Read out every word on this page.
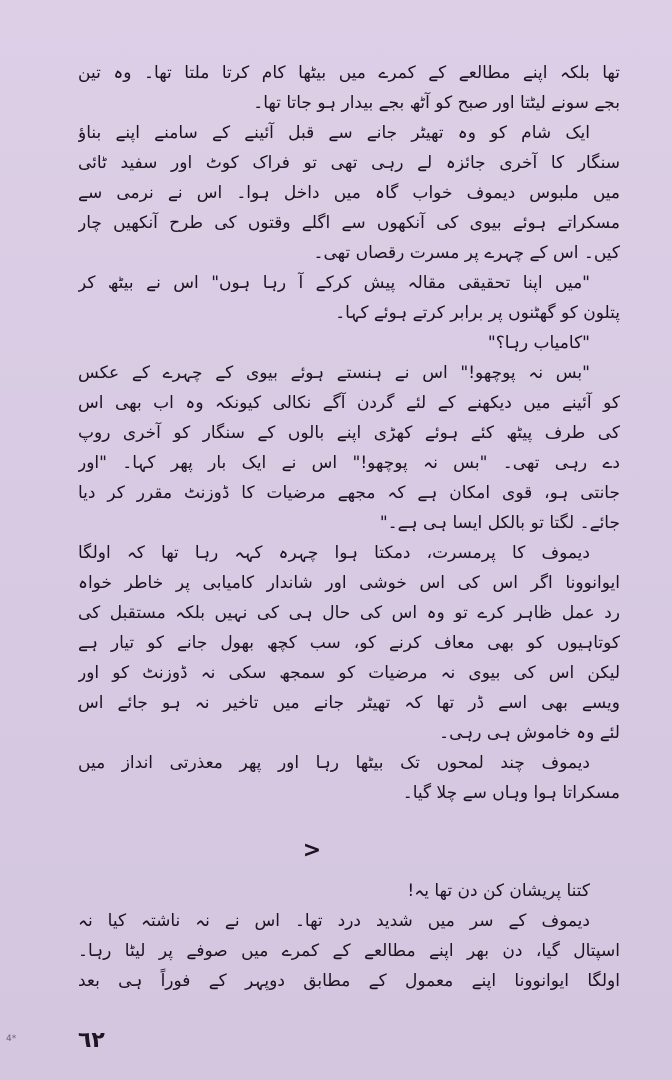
تھا بلکہ اپنے مطالعے کے کمرے میں بیٹھا کام کرتا ملتا تھا۔ وہ تین
بجے سونے لیٹتا اور صبح کو آٹھ بجے بیدار ہو جاتا تھا۔
ایک شام کو وہ تھیٹر جانے سے قبل آئینے کے سامنے اپنے بناؤ
سنگار کا آخری جائزہ لے رہی تھی تو فراک کوٹ اور سفید ٹائی
میں ملبوس دیموف خواب گاہ میں داخل ہوا۔ اس نے نرمی سے
مسکراتے ہوئے بیوی کی آنکھوں سے اگلے وقتوں کی طرح آنکھیں چار
کیں۔ اس کے چہرے پر مسرت رقصاں تھی۔
"میں اپنا تحقیقی مقالہ پیش کرکے آ رہا ہوں" اس نے بیٹھ کر
پتلون کو گھٹنوں پر برابر کرتے ہوئے کہا۔
"کامیاب رہا؟"
"بس نہ پوچھو!" اس نے ہنستے ہوئے بیوی کے چہرے کے عکس
کو آئینے میں دیکھنے کے لئے گردن آگے نکالی کیونکہ وہ اب بھی اس
کی طرف پیٹھ کئے ہوئے کھڑی اپنے بالوں کے سنگار کو آخری روپ
دے رہی تھی۔ "بس نہ پوچھو!" اس نے ایک بار پھر کہا۔ "اور
جانتی ہو، قوی امکان ہے کہ مجھے مرضیات کا ڈوزنٹ مقرر کر دیا
جائے۔ لگتا تو بالکل ایسا ہی ہے۔"
دیموف کا پرمسرت، دمکتا ہوا چہرہ کہہ رہا تھا کہ اولگا
ایوانوونا اگر اس کی اس خوشی اور شاندار کامیابی پر خاطر خواہ
رد عمل ظاہر کرے تو وہ اس کی حال ہی کی نہیں بلکہ مستقبل کی
کوتاہیوں کو بھی معاف کرنے کو، سب کچھ بھول جانے کو تیار ہے
لیکن اس کی بیوی نہ مرضیات کو سمجھ سکی نہ ڈوزنٹ کو اور
ویسے بھی اسے ڈر تھا کہ تھیٹر جانے میں تاخیر نہ ہو جائے اس
لئے وہ خاموش ہی رہی۔
دیموف چند لمحوں تک بیٹھا رہا اور پھر معذرتی انداز میں
مسکراتا ہوا وہاں سے چلا گیا۔
>
کتنا پریشان کن دن تھا یہ!
دیموف کے سر میں شدید درد تھا۔ اس نے نہ ناشتہ کیا نہ
اسپتال گیا، دن بھر اپنے مطالعے کے کمرے میں صوفے پر لیٹا رہا۔
اولگا ایوانوونا اپنے معمول کے مطابق دوپہر کے فوراً ہی بعد
٦٢
4*
